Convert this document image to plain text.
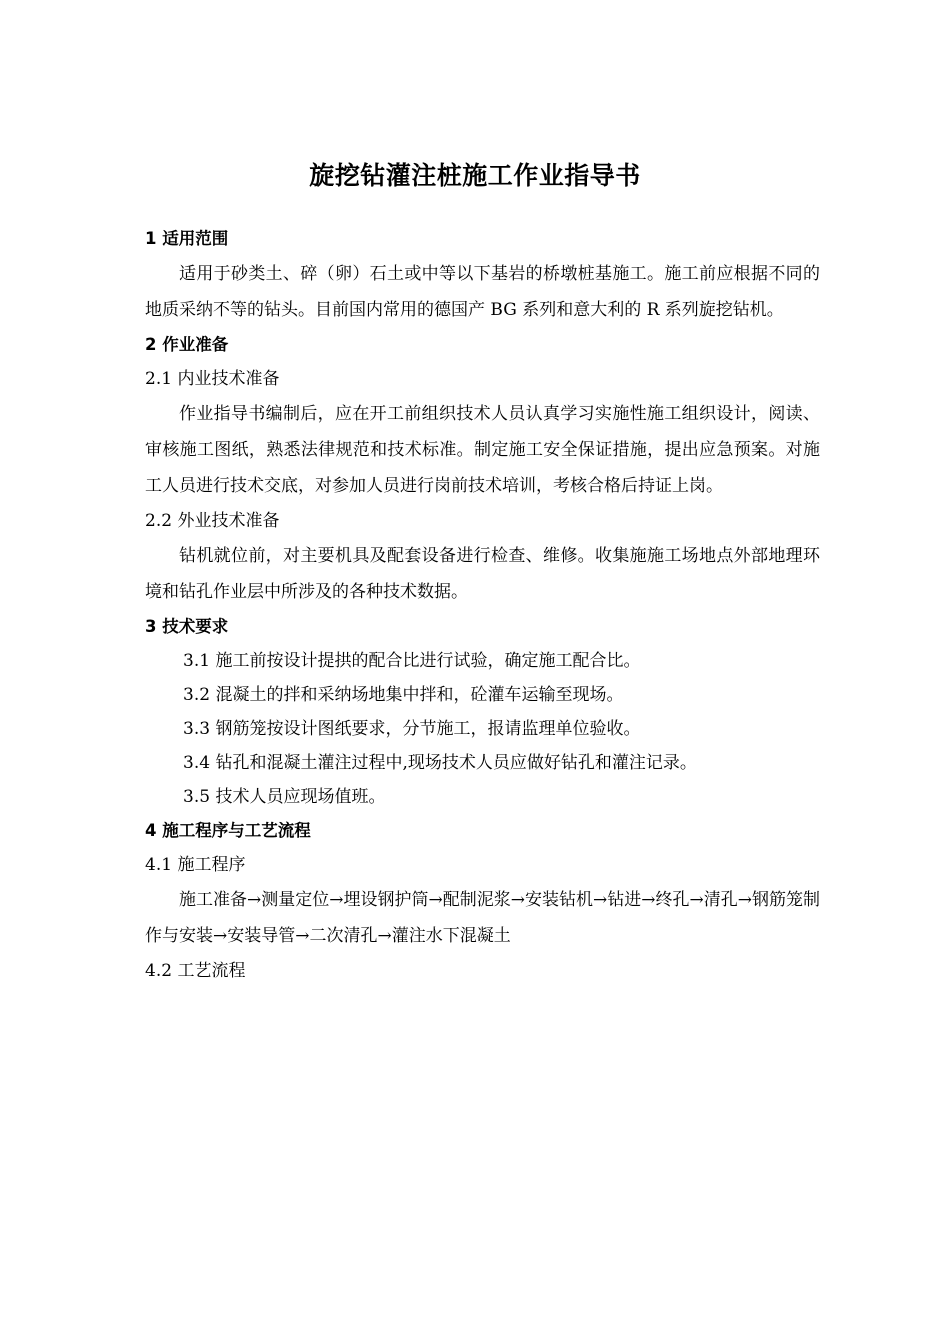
旋挖钻灌注桩施工作业指导书
1 适用范围

适用于砂类土、碎（卵）石土或中等以下基岩的桥墩桩基施工。施工前应根据不同的地质采纳不等的钻头。目前国内常用的德国产 BG 系列和意大利的 R 系列旋挖钻机。

2 作业准备
2.1 内业技术准备

作业指导书编制后，应在开工前组织技术人员认真学习实施性施工组织设计，阅读、审核施工图纸，熟悉法律规范和技术标准。制定施工安全保证措施，提出应急预案。对施工人员进行技术交底，对参加人员进行岗前技术培训，考核合格后持证上岗。

2.2 外业技术准备

钻机就位前，对主要机具及配套设备进行检查、维修。收集施施工场地点外部地理环境和钻孔作业层中所涉及的各种技术数据。

3 技术要求
3.1 施工前按设计提拱的配合比进行试验，确定施工配合比。
3.2 混凝土的拌和采纳场地集中拌和，砼灌车运输至现场。
3.3 钢筋笼按设计图纸要求，分节施工，报请监理单位验收。
3.4 钻孔和混凝土灌注过程中,现场技术人员应做好钻孔和灌注记录。
3.5 技术人员应现场值班。
4 施工程序与工艺流程
4.1 施工程序

施工准备→测量定位→埋设钢护筒→配制泥浆→安装钻机→钻进→终孔→清孔→钢筋笼制作与安装→安装导管→二次清孔→灌注水下混凝土

4.2 工艺流程
